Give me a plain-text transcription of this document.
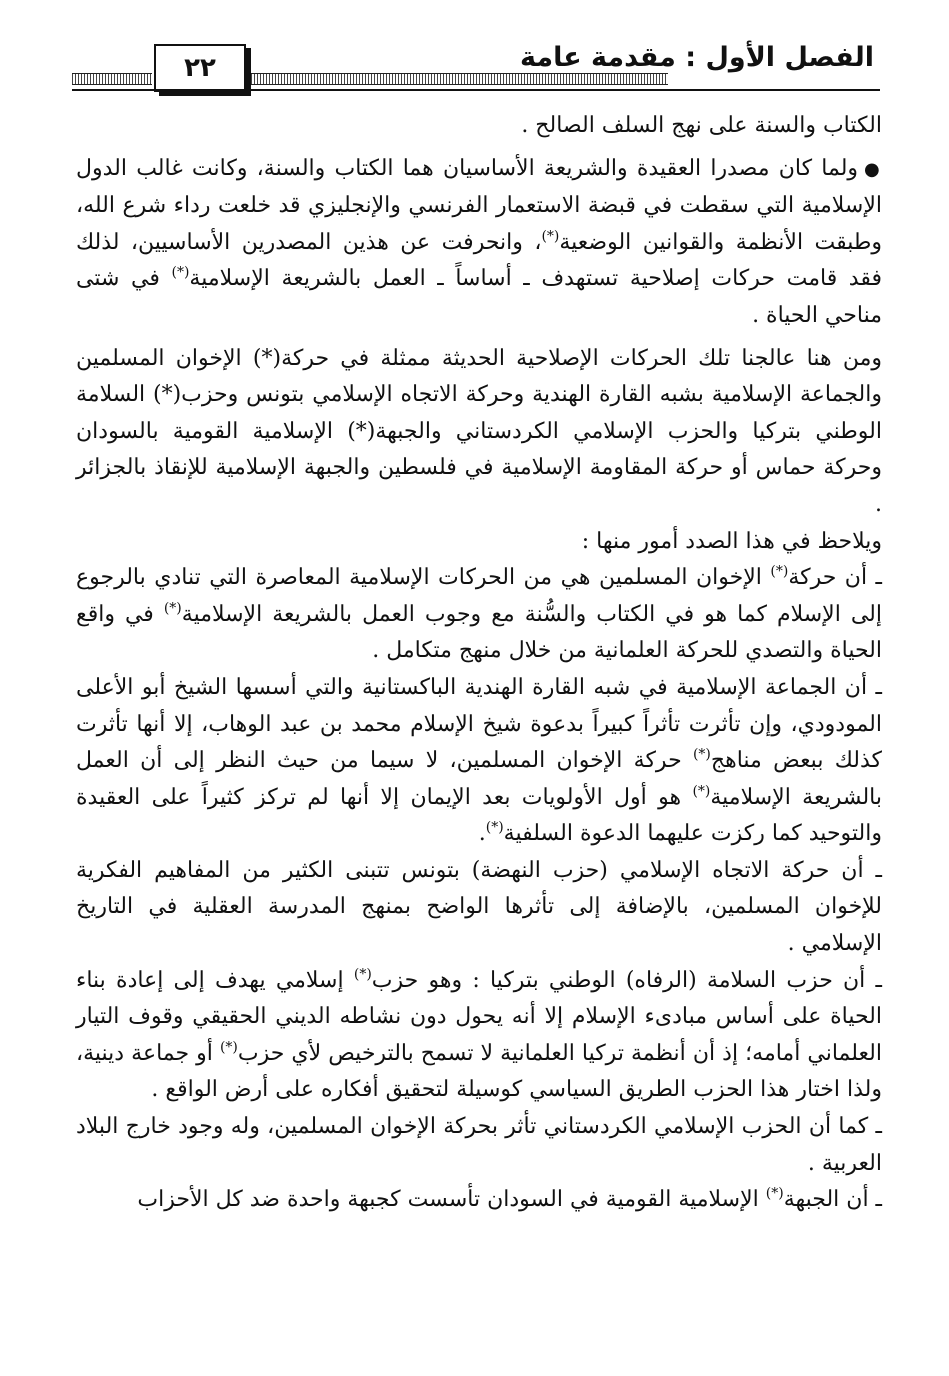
الفصل الأول : مقدمة عامة
٢٢

الكتاب والسنة على نهج السلف الصالح .

●ولما كان مصدرا العقيدة والشريعة الأساسيان هما الكتاب والسنة، وكانت غالب الدول الإسلامية التي سقطت في قبضة الاستعمار الفرنسي والإنجليزي قد خلعت رداء شرع الله، وطبقت الأنظمة والقوانين الوضعية(*)، وانحرفت عن هذين المصدرين الأساسيين، لذلك فقد قامت حركات إصلاحية تستهدف ـ أساساً ـ العمل بالشريعة الإسلامية(*) في شتى مناحي الحياة .

ومن هنا عالجنا تلك الحركات الإصلاحية الحديثة ممثلة في حركة(*) الإخوان المسلمين والجماعة الإسلامية بشبه القارة الهندية وحركة الاتجاه الإسلامي بتونس وحزب(*) السلامة الوطني بتركيا والحزب الإسلامي الكردستاني والجبهة(*) الإسلامية القومية بالسودان وحركة حماس أو حركة المقاومة الإسلامية في فلسطين والجبهة الإسلامية للإنقاذ بالجزائر .

ويلاحظ في هذا الصدد أمور منها :

ـ أن حركة(*) الإخوان المسلمين هي من الحركات الإسلامية المعاصرة التي تنادي بالرجوع إلى الإسلام كما هو في الكتاب والسُّنة مع وجوب العمل بالشريعة الإسلامية(*) في واقع الحياة والتصدي للحركة العلمانية من خلال منهج متكامل .

ـ أن الجماعة الإسلامية في شبه القارة الهندية الباكستانية والتي أسسها الشيخ أبو الأعلى المودودي، وإن تأثرت تأثراً كبيراً بدعوة شيخ الإسلام محمد بن عبد الوهاب، إلا أنها تأثرت كذلك ببعض مناهج(*) حركة الإخوان المسلمين، لا سيما من حيث النظر إلى أن العمل بالشريعة الإسلامية(*) هو أول الأولويات بعد الإيمان إلا أنها لم تركز كثيراً على العقيدة والتوحيد كما ركزت عليهما الدعوة السلفية(*).

ـ أن حركة الاتجاه الإسلامي (حزب النهضة) بتونس تتبنى الكثير من المفاهيم الفكرية للإخوان المسلمين، بالإضافة إلى تأثرها الواضح بمنهج المدرسة العقلية في التاريخ الإسلامي .

ـ أن حزب السلامة (الرفاه) الوطني بتركيا : وهو حزب(*) إسلامي يهدف إلى إعادة بناء الحياة على أساس مبادىء الإسلام إلا أنه يحول دون نشاطه الديني الحقيقي وقوف التيار العلماني أمامه؛ إذ أن أنظمة تركيا العلمانية لا تسمح بالترخيص لأي حزب(*) أو جماعة دينية، ولذا اختار هذا الحزب الطريق السياسي كوسيلة لتحقيق أفكاره على أرض الواقع .

ـ كما أن الحزب الإسلامي الكردستاني تأثر بحركة الإخوان المسلمين، وله وجود خارج البلاد العربية .

ـ أن الجبهة(*) الإسلامية القومية في السودان تأسست كجبهة واحدة ضد كل الأحزاب
